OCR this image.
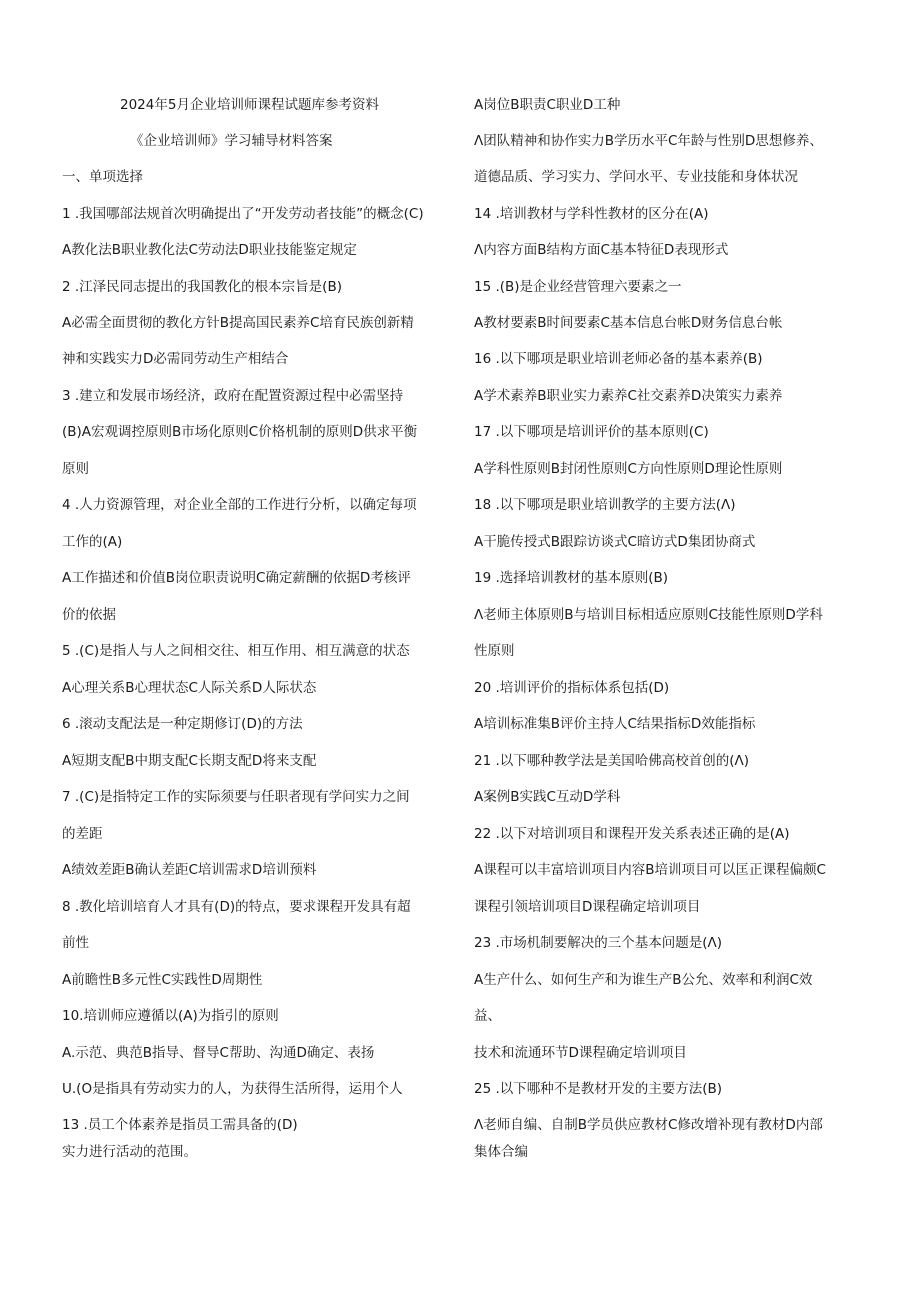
2024年5月企业培训师课程试题库参考资料
《企业培训师》学习辅导材料答案
一、单项选择
1 .我国哪部法规首次明确提出了“开发劳动者技能”的概念(C)
A教化法B职业教化法C劳动法D职业技能鉴定规定
2 .江泽民同志提出的我国教化的根本宗旨是(B)
A必需全面贯彻的教化方针B提高国民素养C培育民族创新精
神和实践实力D必需同劳动生产相结合
3 .建立和发展市场经济，政府在配置资源过程中必需坚持
(B)A宏观调控原则B市场化原则C价格机制的原则D供求平衡
原则
4 .人力资源管理，对企业全部的工作进行分析，以确定每项
工作的(A)
A工作描述和价值B岗位职责说明C确定薪酬的依据D考核评
价的依据
5 .(C)是指人与人之间相交往、相互作用、相互满意的状态
A心理关系B心理状态C人际关系D人际状态
6 .滚动支配法是一种定期修订(D)的方法
A短期支配B中期支配C长期支配D将来支配
7 .(C)是指特定工作的实际须要与任职者现有学问实力之间
的差距
A绩效差距B确认差距C培训需求D培训预料
8 .教化培训培育人才具有(D)的特点，要求课程开发具有超
前性
A前瞻性B多元性C实践性D周期性
10.培训师应遵循以(A)为指引的原则
A.示范、典范B指导、督导C帮助、沟通D确定、表扬
U.(O是指具有劳动实力的人，为获得生活所得，运用个人
13 .员工个体素养是指员工需具备的(D)
实力进行活动的范围。
A岗位B职责C职业D工种
Λ团队精神和协作实力B学历水平C年龄与性别D思想修养、
道德品质、学习实力、学问水平、专业技能和身体状况
14 .培训教材与学科性教材的区分在(A)
Λ内容方面B结构方面C基本特征D表现形式
15 .(B)是企业经营管理六要素之一
A教材要素B时间要素C基本信息台帐D财务信息台帐
16 .以下哪项是职业培训老师必备的基本素养(B)
A学术素养B职业实力素养C社交素养D决策实力素养
17 .以下哪项是培训评价的基本原则(C)
A学科性原则B封闭性原则C方向性原则D理论性原则
18 .以下哪项是职业培训教学的主要方法(Λ)
A干脆传授式B跟踪访谈式C暗访式D集团协商式
19 .选择培训教材的基本原则(B)
Λ老师主体原则B与培训目标相适应原则C技能性原则D学科
性原则
20 .培训评价的指标体系包括(D)
A培训标准集B评价主持人C结果指标D效能指标
21 .以下哪种教学法是美国哈佛高校首创的(Λ)
A案例B实践C互动D学科
22 .以下对培训项目和课程开发关系表述正确的是(A)
A课程可以丰富培训项目内容B培训项目可以匡正课程偏颇C
课程引领培训项目D课程确定培训项目
23 .市场机制要解决的三个基本问题是(Λ)
A生产什么、如何生产和为谁生产B公允、效率和利润C效
益、
技术和流通环节D课程确定培训项目
25 .以下哪种不是教材开发的主要方法(B)
Λ老师自编、自制B学员供应教材C修改增补现有教材D内部
集体合编
